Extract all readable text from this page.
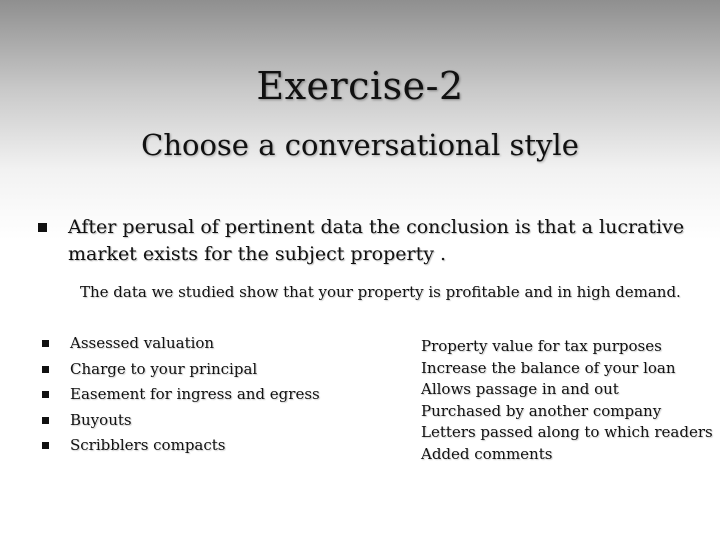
Exercise-2
Choose a conversational style
After perusal of pertinent data the conclusion is that a lucrative market exists for the subject property .
The data we studied show that your property is profitable and in high demand.
Assessed valuation
Charge to your principal
Easement for ingress and egress
Buyouts
Scribblers compacts
Property value for tax purposes
Increase the balance of your loan
Allows passage in and out
Purchased by another company
Letters passed along to which readers
Added comments
